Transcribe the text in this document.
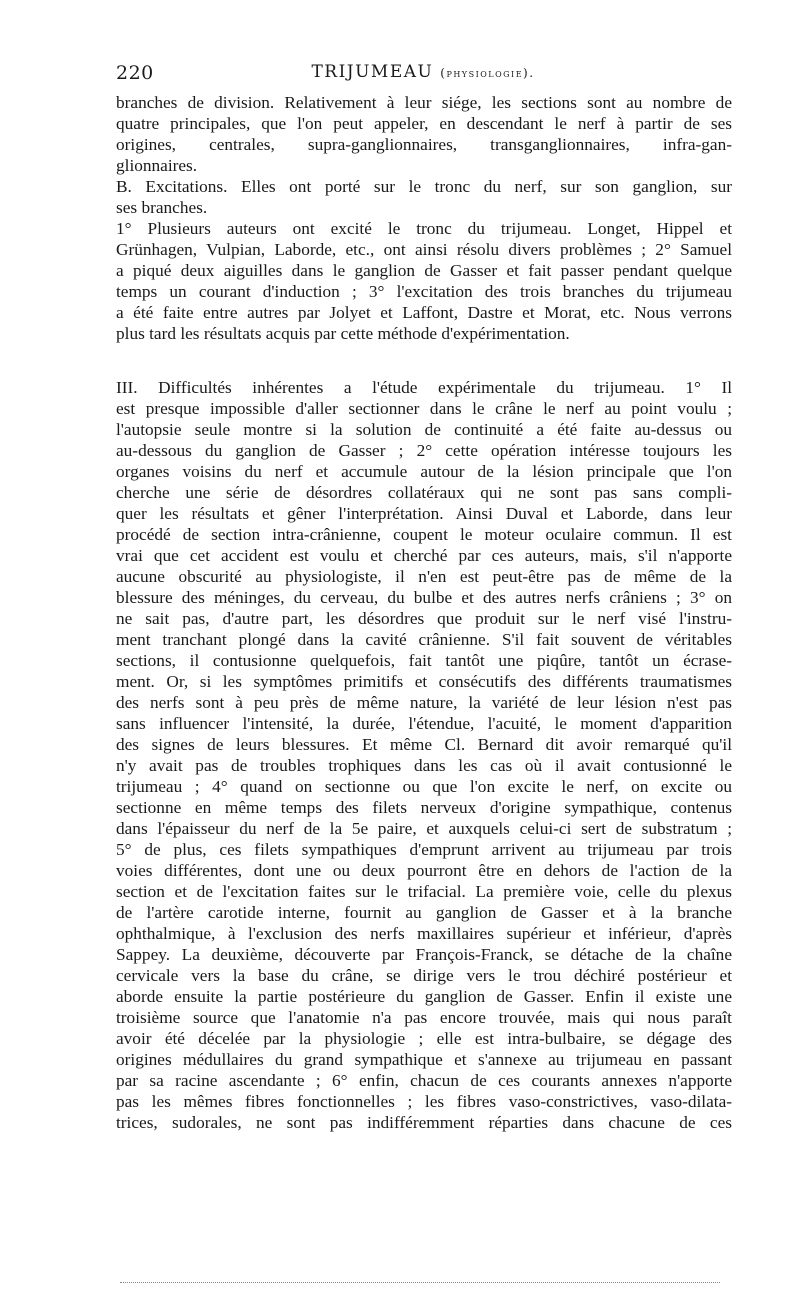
220	TRIJUMEAU (physiologie).
branches de division. Relativement à leur siége, les sections sont au nombre de
quatre principales, que l'on peut appeler, en descendant le nerf à partir de ses
origines, centrales, supra-ganglionnaires, transganglionnaires, infra-gan-
glionnaires.
B. Excitations. Elles ont porté sur le tronc du nerf, sur son ganglion, sur
ses branches.
1° Plusieurs auteurs ont excité le tronc du trijumeau. Longet, Hippel et
Grünhagen, Vulpian, Laborde, etc., ont ainsi résolu divers problèmes ; 2° Samuel
a piqué deux aiguilles dans le ganglion de Gasser et fait passer pendant quelque
temps un courant d'induction ; 3° l'excitation des trois branches du trijumeau
a été faite entre autres par Jolyet et Laffont, Dastre et Morat, etc. Nous verrons
plus tard les résultats acquis par cette méthode d'expérimentation.
III. Difficultés inhérentes a l'étude expérimentale du trijumeau. 1° Il
est presque impossible d'aller sectionner dans le crâne le nerf au point voulu ;
l'autopsie seule montre si la solution de continuité a été faite au-dessus ou
au-dessous du ganglion de Gasser ; 2° cette opération intéresse toujours les
organes voisins du nerf et accumule autour de la lésion principale que l'on
cherche une série de désordres collatéraux qui ne sont pas sans compli-
quer les résultats et gêner l'interprétation. Ainsi Duval et Laborde, dans leur
procédé de section intra-crânienne, coupent le moteur oculaire commun. Il est
vrai que cet accident est voulu et cherché par ces auteurs, mais, s'il n'apporte
aucune obscurité au physiologiste, il n'en est peut-être pas de même de la
blessure des méninges, du cerveau, du bulbe et des autres nerfs crâniens ; 3° on
ne sait pas, d'autre part, les désordres que produit sur le nerf visé l'instru-
ment tranchant plongé dans la cavité crânienne. S'il fait souvent de véritables
sections, il contusionne quelquefois, fait tantôt une piqûre, tantôt un écrase-
ment. Or, si les symptômes primitifs et consécutifs des différents traumatismes
des nerfs sont à peu près de même nature, la variété de leur lésion n'est pas
sans influencer l'intensité, la durée, l'étendue, l'acuité, le moment d'apparition
des signes de leurs blessures. Et même Cl. Bernard dit avoir remarqué qu'il
n'y avait pas de troubles trophiques dans les cas où il avait contusionné le
trijumeau ; 4° quand on sectionne ou que l'on excite le nerf, on excite ou
sectionne en même temps des filets nerveux d'origine sympathique, contenus
dans l'épaisseur du nerf de la 5e paire, et auxquels celui-ci sert de substratum ;
5° de plus, ces filets sympathiques d'emprunt arrivent au trijumeau par trois
voies différentes, dont une ou deux pourront être en dehors de l'action de la
section et de l'excitation faites sur le trifacial. La première voie, celle du plexus
de l'artère carotide interne, fournit au ganglion de Gasser et à la branche
ophthalmique, à l'exclusion des nerfs maxillaires supérieur et inférieur, d'après
Sappey. La deuxième, découverte par François-Franck, se détache de la chaîne
cervicale vers la base du crâne, se dirige vers le trou déchiré postérieur et
aborde ensuite la partie postérieure du ganglion de Gasser. Enfin il existe une
troisième source que l'anatomie n'a pas encore trouvée, mais qui nous paraît
avoir été décelée par la physiologie ; elle est intra-bulbaire, se dégage des
origines médullaires du grand sympathique et s'annexe au trijumeau en passant
par sa racine ascendante ; 6° enfin, chacun de ces courants annexes n'apporte
pas les mêmes fibres fonctionnelles ; les fibres vaso-constrictives, vaso-dilata-
trices, sudorales, ne sont pas indifféremment réparties dans chacune de ces
